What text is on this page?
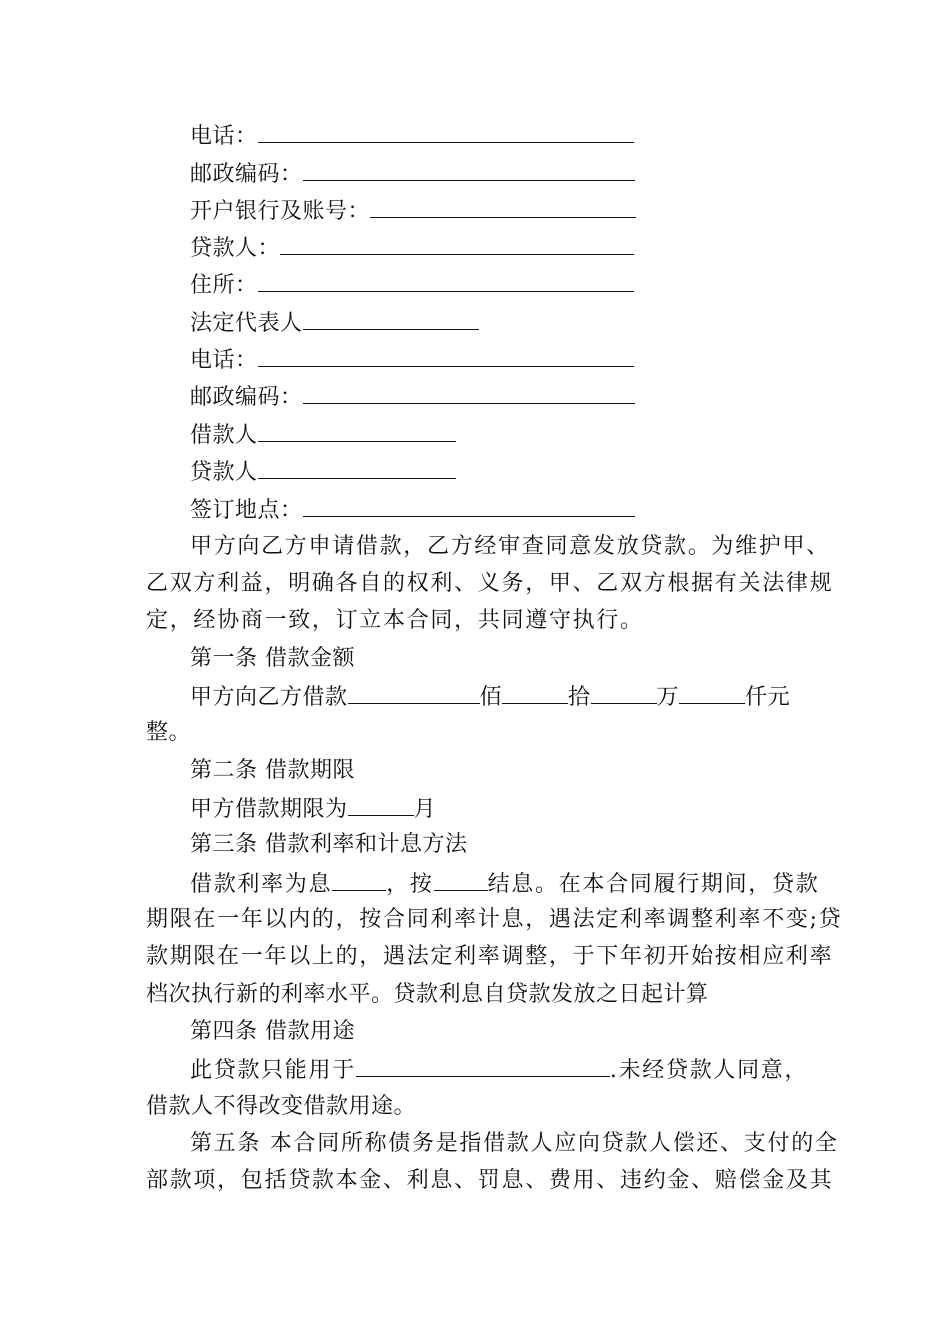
电话：
邮政编码：
开户银行及账号：
贷款人：
住所：
法定代表人
电话：
邮政编码：
借款人
贷款人
签订地点：
甲方向乙方申请借款，乙方经审查同意发放贷款。为维护甲、
乙双方利益，明确各自的权利、义务，甲、乙双方根据有关法律规
定，经协商一致，订立本合同，共同遵守执行。
第一条 借款金额
甲方向乙方借款	佰	拾	万	仟元
整。
第二条 借款期限
甲方借款期限为	月
第三条 借款利率和计息方法
借款利率为息 ，按 结息。在本合同履行期间，贷款
期限在一年以内的，按合同利率计息，遇法定利率调整利率不变;贷
款期限在一年以上的，遇法定利率调整，于下年初开始按相应利率
档次执行新的利率水平。贷款利息自贷款发放之日起计算
第四条 借款用途
此贷款只能用于	.未经贷款人同意，
借款人不得改变借款用途。
第五条 本合同所称债务是指借款人应向贷款人偿还、支付的全
部款项，包括贷款本金、利息、罚息、费用、违约金、赔偿金及其
